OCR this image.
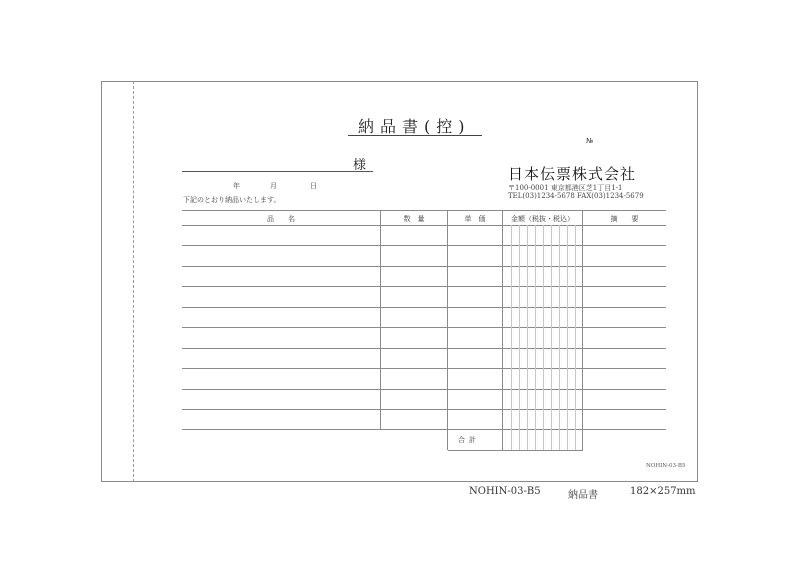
納品書(控)
№
様
年	月	日
下記のとおり納品いたします。
日本伝票株式会社
〒100-0001 東京都港区芝1丁目1-1
TEL(03)1234-5678 FAX(03)1234-5679
品　　名	数　量	単　価	金額（税抜・税込）	摘　　要
合計
NOHIN-03-B5
NOHIN-03-B5	納品書	182×257mm
